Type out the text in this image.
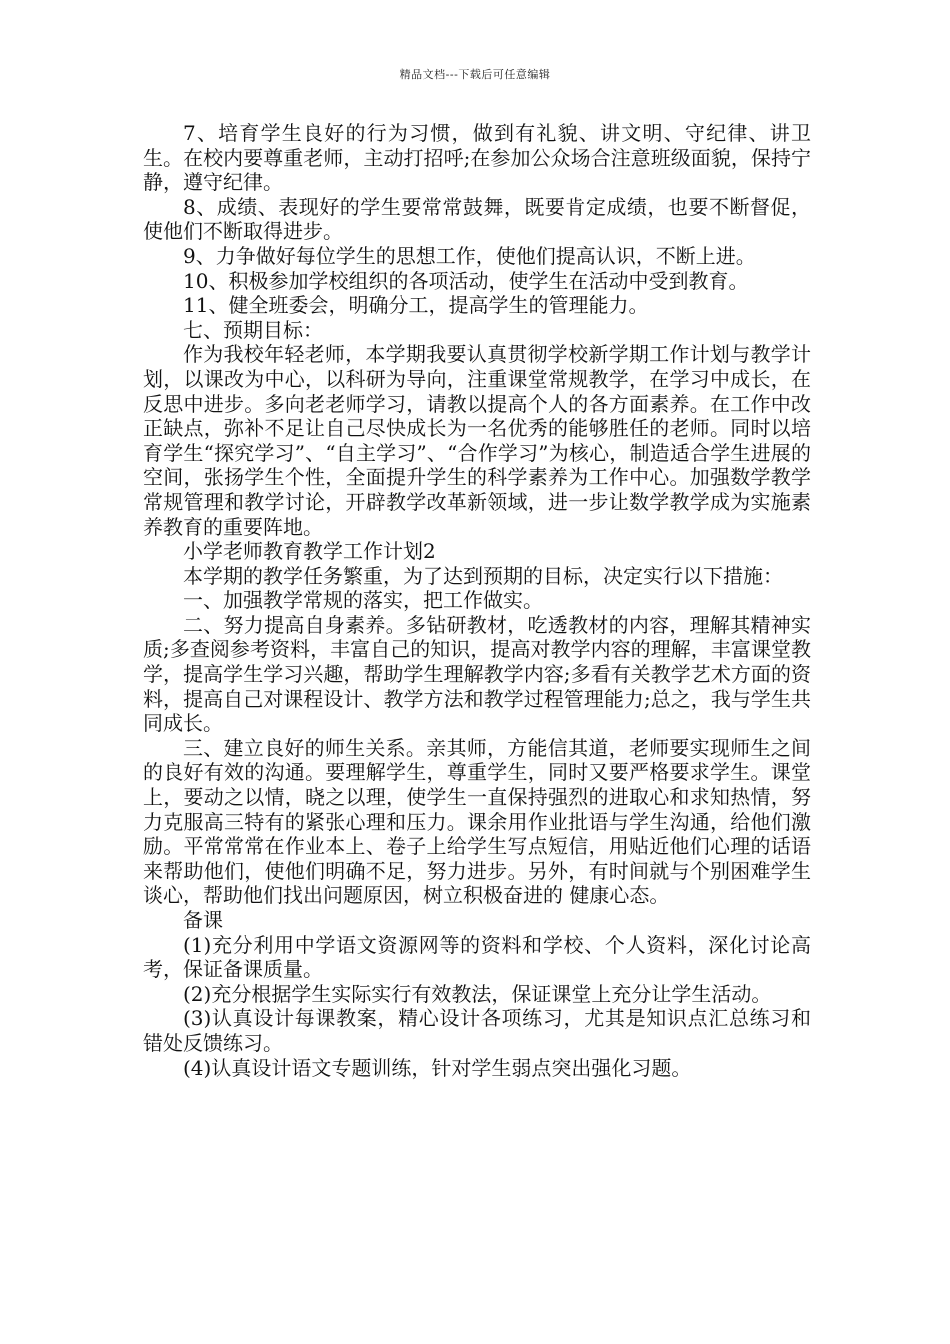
精品文档---下载后可任意编辑

7、培育学生良好的行为习惯，做到有礼貌、讲文明、守纪律、讲卫生。在校内要尊重老师，主动打招呼;在参加公众场合注意班级面貌，保持宁静，遵守纪律。

8、成绩、表现好的学生要常常鼓舞，既要肯定成绩，也要不断督促，使他们不断取得进步。

9、力争做好每位学生的思想工作，使他们提高认识，不断上进。

10、积极参加学校组织的各项活动，使学生在活动中受到教育。

11、健全班委会，明确分工，提高学生的管理能力。

七、预期目标：

作为我校年轻老师，本学期我要认真贯彻学校新学期工作计划与教学计划，以课改为中心，以科研为导向，注重课堂常规教学，在学习中成长，在反思中进步。多向老老师学习，请教以提高个人的各方面素养。在工作中改正缺点，弥补不足让自己尽快成长为一名优秀的能够胜任的老师。同时以培育学生“探究学习”、“自主学习”、“合作学习”为核心，制造适合学生进展的空间，张扬学生个性，全面提升学生的科学素养为工作中心。加强数学教学常规管理和教学讨论，开辟教学改革新领域，进一步让数学教学成为实施素养教育的重要阵地。

小学老师教育教学工作计划2

本学期的教学任务繁重，为了达到预期的目标，决定实行以下措施：

一、加强教学常规的落实，把工作做实。

二、努力提高自身素养。多钻研教材，吃透教材的内容，理解其精神实质;多查阅参考资料，丰富自己的知识，提高对教学内容的理解，丰富课堂教学，提高学生学习兴趣，帮助学生理解教学内容;多看有关教学艺术方面的资料，提高自己对课程设计、教学方法和教学过程管理能力;总之，我与学生共同成长。

三、建立良好的师生关系。亲其师，方能信其道，老师要实现师生之间的良好有效的沟通。要理解学生，尊重学生，同时又要严格要求学生。课堂上，要动之以情，晓之以理，使学生一直保持强烈的进取心和求知热情，努力克服高三特有的紧张心理和压力。课余用作业批语与学生沟通，给他们激励。平常常常在作业本上、卷子上给学生写点短信，用贴近他们心理的话语来帮助他们，使他们明确不足，努力进步。另外，有时间就与个别困难学生谈心，帮助他们找出问题原因，树立积极奋进的 健康心态。

备课

(1)充分利用中学语文资源网等的资料和学校、个人资料，深化讨论高考，保证备课质量。

(2)充分根据学生实际实行有效教法，保证课堂上充分让学生活动。

(3)认真设计每课教案，精心设计各项练习，尤其是知识点汇总练习和错处反馈练习。

(4)认真设计语文专题训练，针对学生弱点突出强化习题。
